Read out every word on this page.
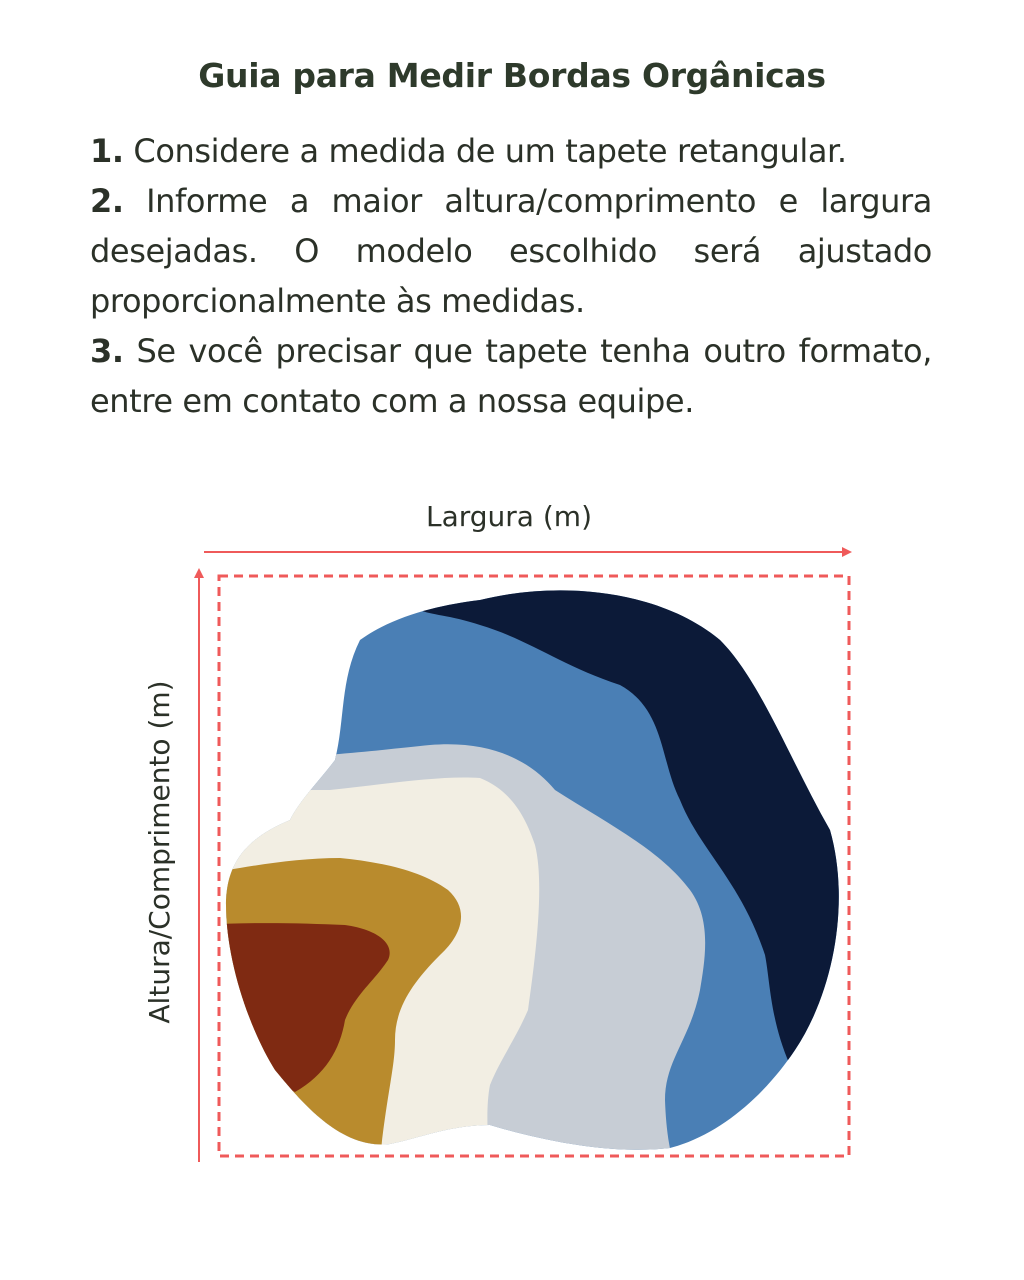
Guia para Medir Bordas Orgânicas
1. Considere a medida de um tapete retangular.
2. Informe a maior altura/comprimento e largura desejadas. O modelo escolhido será ajustado proporcionalmente às medidas.
3. Se você precisar que tapete tenha outro formato, entre em contato com a nossa equipe.
Largura (m)
Altura/Comprimento (m)
